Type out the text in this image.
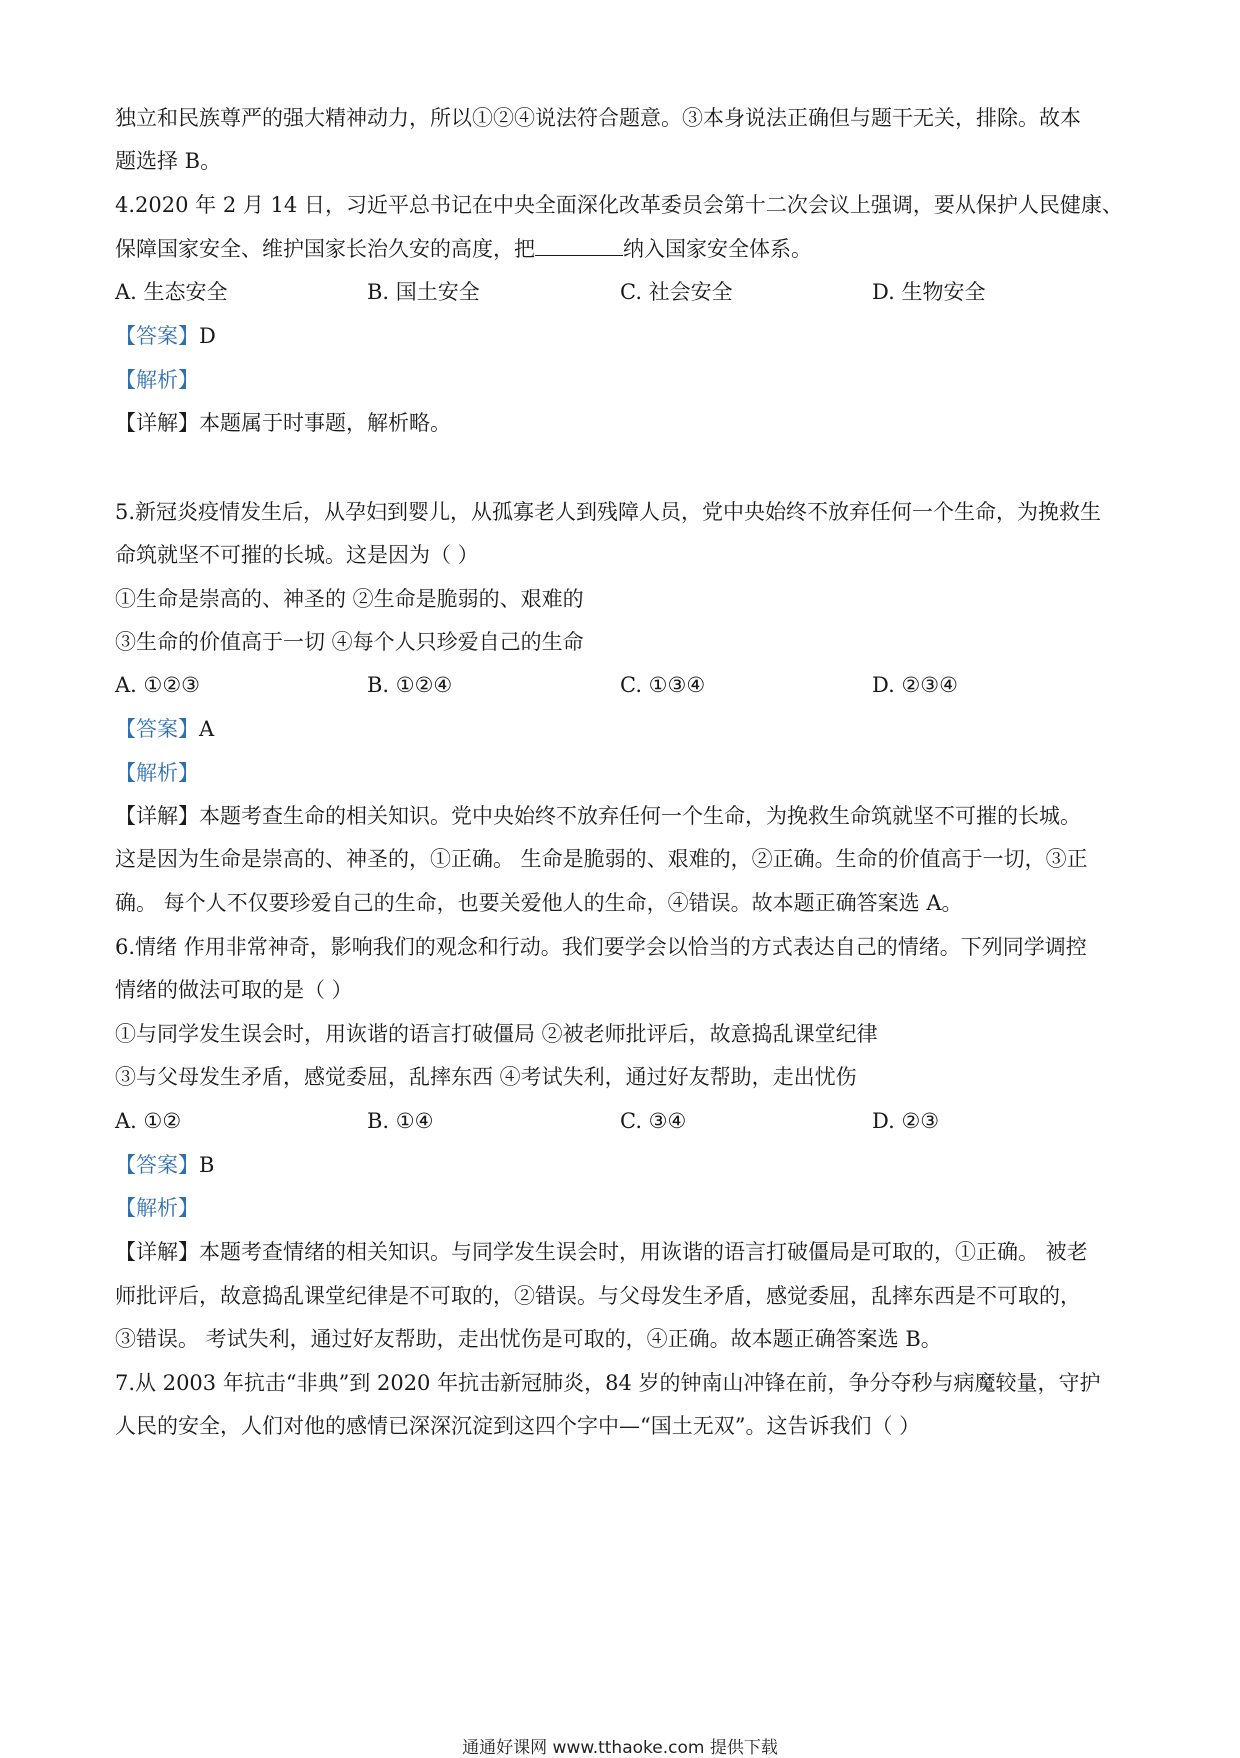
独立和民族尊严的强大精神动力，所以①②④说法符合题意。③本身说法正确但与题干无关，排除。故本
题选择 B。
4.2020 年 2 月 14 日，习近平总书记在中央全面深化改革委员会第十二次会议上强调，要从保护人民健康、
保障国家安全、维护国家长治久安的高度，把	纳入国家安全体系。
A. 生态安全	B. 国土安全	C. 社会安全	D. 生物安全
【答案】D
【解析】
【详解】本题属于时事题，解析略。
5.新冠炎疫情发生后，从孕妇到婴儿，从孤寡老人到残障人员，党中央始终不放弃任何一个生命，为挽救生
命筑就坚不可摧的长城。这是因为（ ）
①生命是崇高的、神圣的 ②生命是脆弱的、艰难的
③生命的价值高于一切 ④每个人只珍爱自己的生命
A. ①②③	B. ①②④	C. ①③④	D. ②③④
【答案】A
【解析】
【详解】本题考查生命的相关知识。党中央始终不放弃任何一个生命，为挽救生命筑就坚不可摧的长城。
这是因为生命是崇高的、神圣的，①正确。 生命是脆弱的、艰难的，②正确。生命的价值高于一切，③正
确。 每个人不仅要珍爱自己的生命，也要关爱他人的生命，④错误。故本题正确答案选 A。
6.情绪 作用非常神奇，影响我们的观念和行动。我们要学会以恰当的方式表达自己的情绪。下列同学调控
情绪的做法可取的是（ ）
①与同学发生误会时，用诙谐的语言打破僵局 ②被老师批评后，故意捣乱课堂纪律
③与父母发生矛盾，感觉委屈，乱摔东西 ④考试失利，通过好友帮助，走出忧伤
A. ①②	B. ①④	C. ③④	D. ②③
【答案】B
【解析】
【详解】本题考查情绪的相关知识。与同学发生误会时，用诙谐的语言打破僵局是可取的，①正确。 被老
师批评后，故意捣乱课堂纪律是不可取的，②错误。与父母发生矛盾，感觉委屈，乱摔东西是不可取的，
③错误。 考试失利，通过好友帮助，走出忧伤是可取的，④正确。故本题正确答案选 B。
7.从 2003 年抗击“非典”到 2020 年抗击新冠肺炎，84 岁的钟南山冲锋在前，争分夺秒与病魔较量，守护
人民的安全，人们对他的感情已深深沉淀到这四个字中—“国土无双”。这告诉我们（ ）
通通好课网 www.tthaoke.com 提供下载
